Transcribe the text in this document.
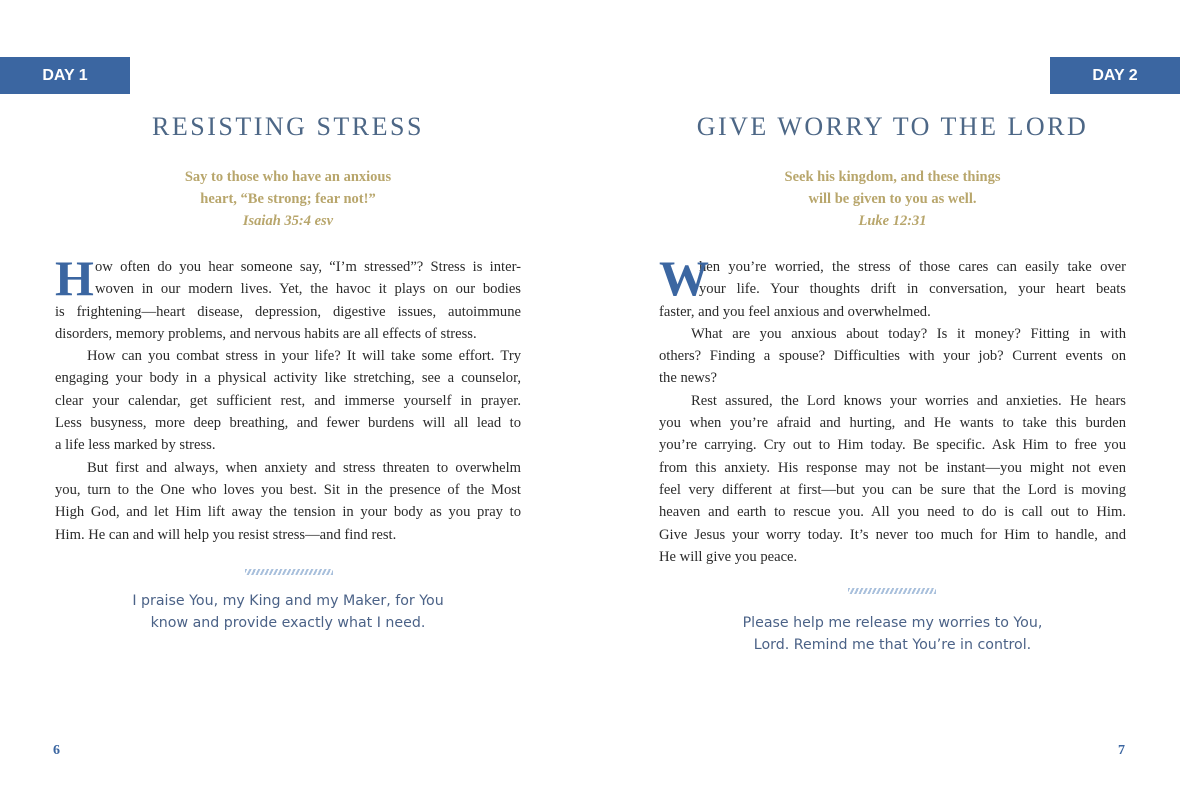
DAY 1
RESISTING STRESS
Say to those who have an anxious
heart, “Be strong; fear not!”
Isaiah 35:4 esv
H ow often do you hear someone say, “I’m stressed”? Stress is inter-
woven in our modern lives. Yet, the havoc it plays on our bodies
is frightening—heart disease, depression, digestive issues, autoimmune
disorders, memory problems, and nervous habits are all effects of stress.
How can you combat stress in your life? It will take some effort. Try
engaging your body in a physical activity like stretching, see a counselor,
clear your calendar, get sufficient rest, and immerse yourself in prayer.
Less busyness, more deep breathing, and fewer burdens will all lead to
a life less marked by stress.
But first and always, when anxiety and stress threaten to overwhelm
you, turn to the One who loves you best. Sit in the presence of the Most
High God, and let Him lift away the tension in your body as you pray to
Him. He can and will help you resist stress—and find rest.
I praise You, my King and my Maker, for You
know and provide exactly what I need.
6
DAY 2
GIVE WORRY TO THE LORD
Seek his kingdom, and these things
will be given to you as well.
Luke 12:31
W
hen you’re worried, the stress of those cares can easily take over
your life. Your thoughts drift in conversation, your heart beats
faster, and you feel anxious and overwhelmed.
What are you anxious about today? Is it money? Fitting in with
others? Finding a spouse? Difficulties with your job? Current events on
the news?
Rest assured, the Lord knows your worries and anxieties. He hears
you when you’re afraid and hurting, and He wants to take this burden
you’re carrying. Cry out to Him today. Be specific. Ask Him to free you
from this anxiety. His response may not be instant—you might not even
feel very different at first—but you can be sure that the Lord is moving
heaven and earth to rescue you. All you need to do is call out to Him.
Give Jesus your worry today. It’s never too much for Him to handle, and
He will give you peace.
Please help me release my worries to You,
Lord. Remind me that You’re in control.
7
